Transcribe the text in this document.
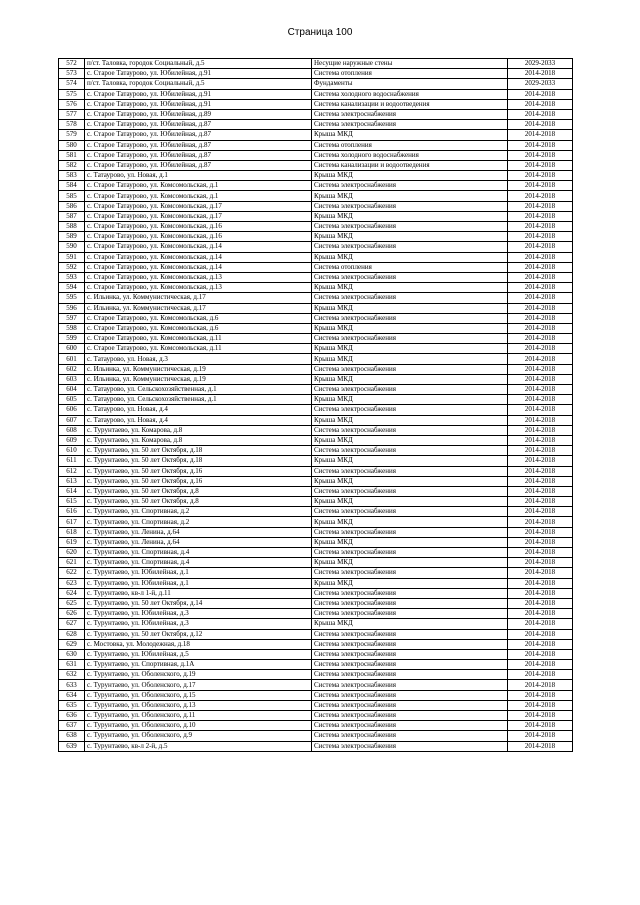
Страница 100
572	п/ст. Таловка, городок Социальный, д.5	Несущие наружные стены	2029-2033
573	с. Старое Татаурово, ул. Юбилейная, д.91	Система отопления	2014-2018
574	п/ст. Таловка, городок Социальный, д.5	Фундаменты	2029-2033
575	с. Старое Татаурово, ул. Юбилейная, д.91	Система холодного водоснабжения	2014-2018
576	с. Старое Татаурово, ул. Юбилейная, д.91	Система канализации и водоотведения	2014-2018
577	с. Старое Татаурово, ул. Юбилейная, д.89	Система электроснабжения	2014-2018
578	с. Старое Татаурово, ул. Юбилейная, д.87	Система электроснабжения	2014-2018
579	с. Старое Татаурово, ул. Юбилейная, д.87	Крыша МКД	2014-2018
580	с. Старое Татаурово, ул. Юбилейная, д.87	Система отопления	2014-2018
581	с. Старое Татаурово, ул. Юбилейная, д.87	Система холодного водоснабжения	2014-2018
582	с. Старое Татаурово, ул. Юбилейная, д.87	Система канализации и водоотведения	2014-2018
583	с. Татаурово, ул. Новая, д.1	Крыша МКД	2014-2018
584	с. Старое Татаурово, ул. Комсомольская, д.1	Система электроснабжения	2014-2018
585	с. Старое Татаурово, ул. Комсомольская, д.1	Крыша МКД	2014-2018
586	с. Старое Татаурово, ул. Комсомольская, д.17	Система электроснабжения	2014-2018
587	с. Старое Татаурово, ул. Комсомольская, д.17	Крыша МКД	2014-2018
588	с. Старое Татаурово, ул. Комсомольская, д.16	Система электроснабжения	2014-2018
589	с. Старое Татаурово, ул. Комсомольская, д.16	Крыша МКД	2014-2018
590	с. Старое Татаурово, ул. Комсомольская, д.14	Система электроснабжения	2014-2018
591	с. Старое Татаурово, ул. Комсомольская, д.14	Крыша МКД	2014-2018
592	с. Старое Татаурово, ул. Комсомольская, д.14	Система отопления	2014-2018
593	с. Старое Татаурово, ул. Комсомольская, д.13	Система электроснабжения	2014-2018
594	с. Старое Татаурово, ул. Комсомольская, д.13	Крыша МКД	2014-2018
595	с. Ильинка, ул. Коммунистическая, д.17	Система электроснабжения	2014-2018
596	с. Ильинка, ул. Коммунистическая, д.17	Крыша МКД	2014-2018
597	с. Старое Татаурово, ул. Комсомольская, д.6	Система электроснабжения	2014-2018
598	с. Старое Татаурово, ул. Комсомольская, д.6	Крыша МКД	2014-2018
599	с. Старое Татаурово, ул. Комсомольская, д.11	Система электроснабжения	2014-2018
600	с. Старое Татаурово, ул. Комсомольская, д.11	Крыша МКД	2014-2018
601	с. Татаурово, ул. Новая, д.3	Крыша МКД	2014-2018
602	с. Ильинка, ул. Коммунистическая, д.19	Система электроснабжения	2014-2018
603	с. Ильинка, ул. Коммунистическая, д.19	Крыша МКД	2014-2018
604	с. Татаурово, ул. Сельскохозяйственная, д.1	Система электроснабжения	2014-2018
605	с. Татаурово, ул. Сельскохозяйственная, д.1	Крыша МКД	2014-2018
606	с. Татаурово, ул. Новая, д.4	Система электроснабжения	2014-2018
607	с. Татаурово, ул. Новая, д.4	Крыша МКД	2014-2018
608	с. Турунтаево, ул. Комарова, д.8	Система электроснабжения	2014-2018
609	с. Турунтаево, ул. Комарова, д.8	Крыша МКД	2014-2018
610	с. Турунтаево, ул. 50 лет Октября, д.18	Система электроснабжения	2014-2018
611	с. Турунтаево, ул. 50 лет Октября, д.18	Крыша МКД	2014-2018
612	с. Турунтаево, ул. 50 лет Октября, д.16	Система электроснабжения	2014-2018
613	с. Турунтаево, ул. 50 лет Октября, д.16	Крыша МКД	2014-2018
614	с. Турунтаево, ул. 50 лет Октября, д.8	Система электроснабжения	2014-2018
615	с. Турунтаево, ул. 50 лет Октября, д.8	Крыша МКД	2014-2018
616	с. Турунтаево, ул. Спортивная, д.2	Система электроснабжения	2014-2018
617	с. Турунтаево, ул. Спортивная, д.2	Крыша МКД	2014-2018
618	с. Турунтаево, ул. Ленина, д.64	Система электроснабжения	2014-2018
619	с. Турунтаево, ул. Ленина, д.64	Крыша МКД	2014-2018
620	с. Турунтаево, ул. Спортивная, д.4	Система электроснабжения	2014-2018
621	с. Турунтаево, ул. Спортивная, д.4	Крыша МКД	2014-2018
622	с. Турунтаево, ул. Юбилейная, д.1	Система электроснабжения	2014-2018
623	с. Турунтаево, ул. Юбилейная, д.1	Крыша МКД	2014-2018
624	с. Турунтаево, кв-л 1-й, д.11	Система электроснабжения	2014-2018
625	с. Турунтаево, ул. 50 лет Октября, д.14	Система электроснабжения	2014-2018
626	с. Турунтаево, ул. Юбилейная, д.3	Система электроснабжения	2014-2018
627	с. Турунтаево, ул. Юбилейная, д.3	Крыша МКД	2014-2018
628	с. Турунтаево, ул. 50 лет Октября, д.12	Система электроснабжения	2014-2018
629	с. Мостовка, ул. Молодежная, д.18	Система электроснабжения	2014-2018
630	с. Турунтаево, ул. Юбилейная, д.5	Система электроснабжения	2014-2018
631	с. Турунтаево, ул. Спортивная, д.1А	Система электроснабжения	2014-2018
632	с. Турунтаево, ул. Оболенского, д.19	Система электроснабжения	2014-2018
633	с. Турунтаево, ул. Оболенского, д.17	Система электроснабжения	2014-2018
634	с. Турунтаево, ул. Оболенского, д.15	Система электроснабжения	2014-2018
635	с. Турунтаево, ул. Оболенского, д.13	Система электроснабжения	2014-2018
636	с. Турунтаево, ул. Оболенского, д.11	Система электроснабжения	2014-2018
637	с. Турунтаево, ул. Оболенского, д.10	Система электроснабжения	2014-2018
638	с. Турунтаево, ул. Оболенского, д.9	Система электроснабжения	2014-2018
639	с. Турунтаево, кв-л 2-й, д.5	Система электроснабжения	2014-2018
